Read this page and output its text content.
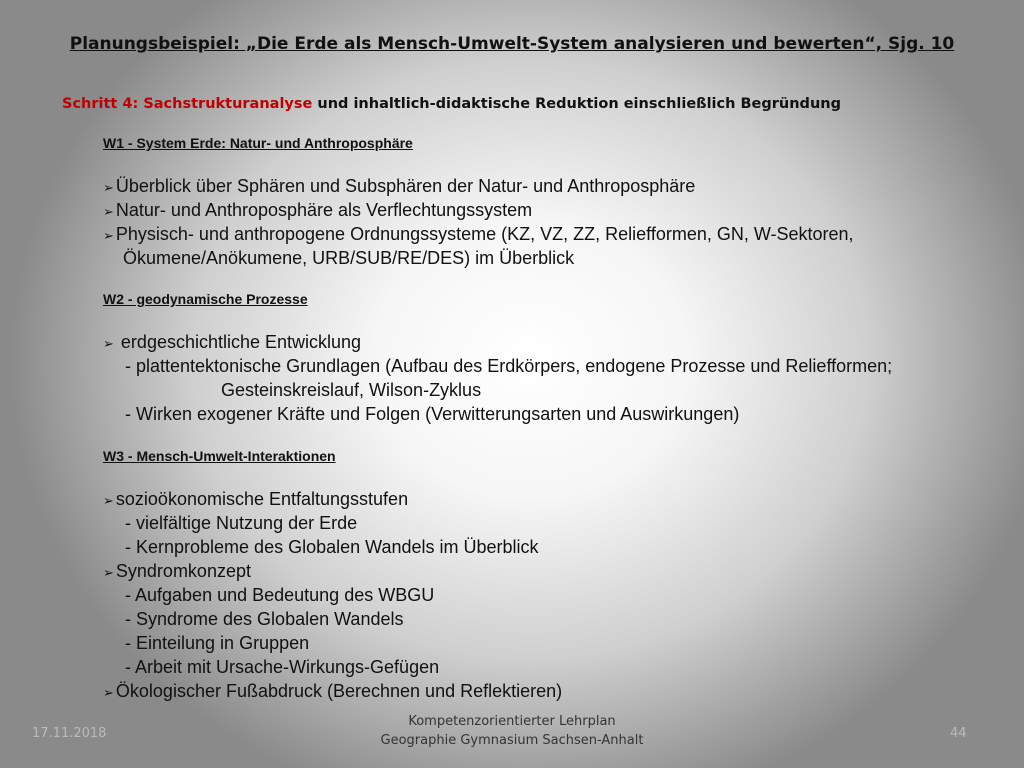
Planungsbeispiel: „Die Erde als Mensch-Umwelt-System analysieren und bewerten“, Sjg. 10
Schritt 4: Sachstrukturanalyse und inhaltlich-didaktische Reduktion einschließlich Begründung
W1 - System Erde: Natur- und Anthroposphäre
➢ Überblick über Sphären und Subsphären der Natur- und Anthroposphäre
➢ Natur- und Anthroposphäre als Verflechtungssystem
➢ Physisch- und anthropogene Ordnungssysteme (KZ, VZ, ZZ, Reliefformen, GN, W-Sektoren,
Ökumene/Anökumene, URB/SUB/RE/DES) im Überblick
W2 - geodynamische Prozesse
➢ erdgeschichtliche Entwicklung
- plattentektonische Grundlagen (Aufbau des Erdkörpers, endogene Prozesse und Reliefformen;
Gesteinskreislauf, Wilson-Zyklus
- Wirken exogener Kräfte und Folgen (Verwitterungsarten und Auswirkungen)
W3 - Mensch-Umwelt-Interaktionen
➢ sozioökonomische Entfaltungsstufen
- vielfältige Nutzung der Erde
- Kernprobleme des Globalen Wandels im Überblick
➢ Syndromkonzept
- Aufgaben und Bedeutung des WBGU
- Syndrome des Globalen Wandels
- Einteilung in Gruppen
- Arbeit mit Ursache-Wirkungs-Gefügen
➢ Ökologischer Fußabdruck (Berechnen und Reflektieren)
17.11.2018
Kompetenzorientierter Lehrplan
Geographie Gymnasium Sachsen-Anhalt	44
